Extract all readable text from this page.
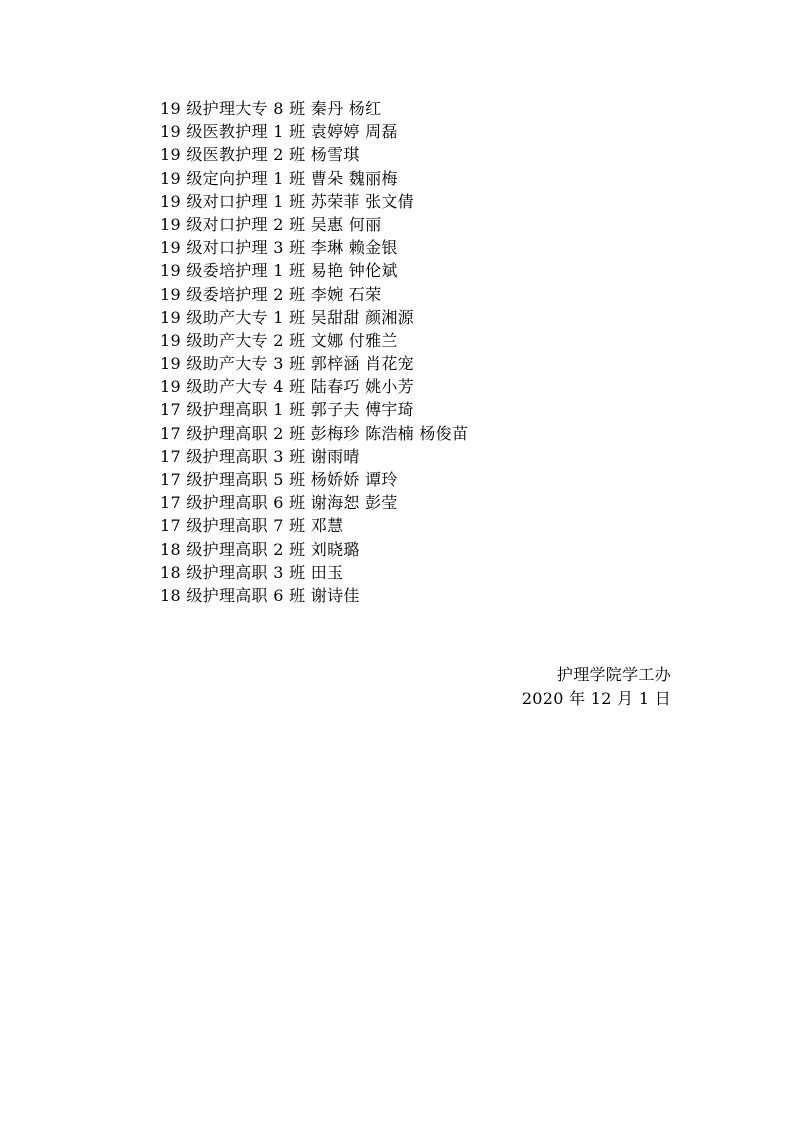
19 级护理大专 8 班 秦丹 杨红
19 级医教护理 1 班 袁婷婷 周磊
19 级医教护理 2 班 杨雪琪
19 级定向护理 1 班 曹朵 魏丽梅
19 级对口护理 1 班 苏荣菲 张文倩
19 级对口护理 2 班 吴惠 何丽
19 级对口护理 3 班 李琳 赖金银
19 级委培护理 1 班 易艳 钟伦斌
19 级委培护理 2 班 李婉 石荣
19 级助产大专 1 班 吴甜甜 颜湘源
19 级助产大专 2 班 文娜 付雅兰
19 级助产大专 3 班 郭梓涵 肖花宠
19 级助产大专 4 班 陆春巧 姚小芳
17 级护理高职 1 班 郭子夫 傅宇琦
17 级护理高职 2 班 彭梅珍 陈浩楠 杨俊苗
17 级护理高职 3 班 谢雨晴
17 级护理高职 5 班 杨娇娇 谭玲
17 级护理高职 6 班 谢海恕 彭莹
17 级护理高职 7 班 邓慧
18 级护理高职 2 班 刘晓璐
18 级护理高职 3 班 田玉
18 级护理高职 6 班 谢诗佳
护理学院学工办
2020 年 12 月 1 日
